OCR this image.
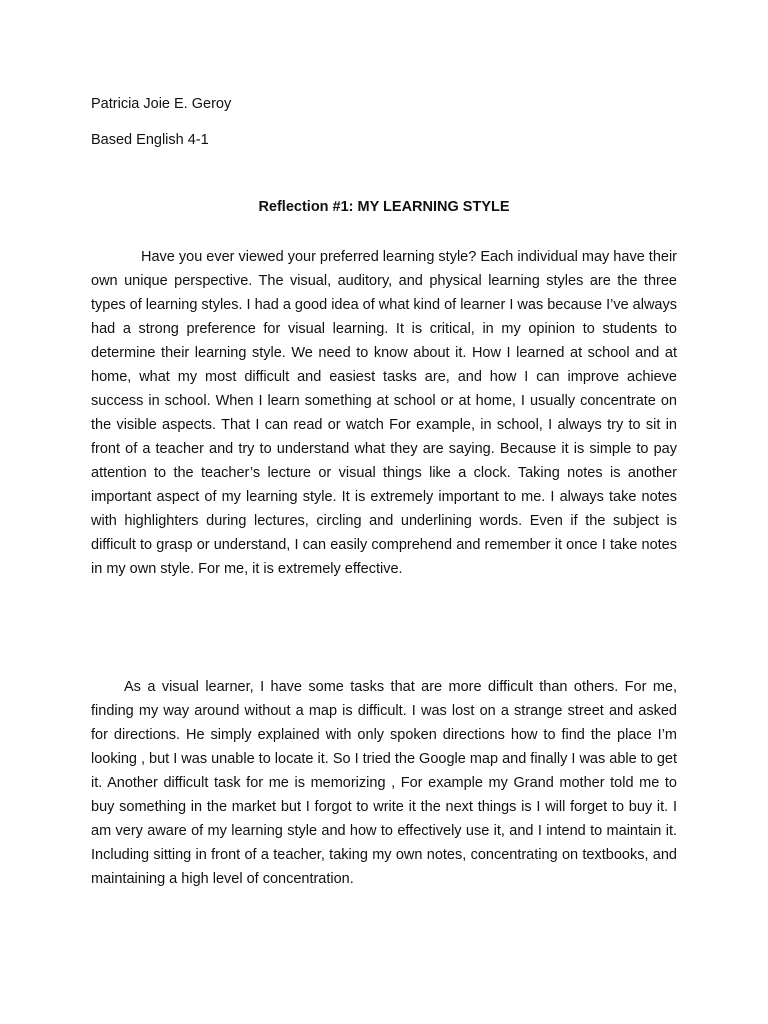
Patricia Joie E. Geroy
Based English 4-1
Reflection #1: MY LEARNING STYLE

Have you ever viewed your preferred learning style? Each individual may have their own unique perspective. The visual, auditory, and physical learning styles are the three types of learning styles. I had a good idea of what kind of learner I was because I’ve always had a strong preference for visual learning. It is critical, in my opinion to students to determine their learning style. We need to know about it. How I learned at school and at home, what my most difficult and easiest tasks are, and how I can improve achieve success in school. When I learn something at school or at home, I usually concentrate on the visible aspects. That I can read or watch For example, in school, I always try to sit in front of a teacher and try to understand what they are saying. Because it is simple to pay attention to the teacher’s lecture or visual things like a clock. Taking notes is another important aspect of my learning style. It is extremely important to me. I always take notes with highlighters during lectures, circling and underlining words. Even if the subject is difficult to grasp or understand, I can easily comprehend and remember it once I take notes in my own style. For me, it is extremely effective.

As a visual learner, I have some tasks that are more difficult than others. For me, finding my way around without a map is difficult. I was lost on a strange street and asked for directions. He simply explained with only spoken directions how to find the place I’m looking , but I was unable to locate it. So I tried the Google map and finally I was able to get it. Another difficult task for me is memorizing , For example my Grand mother told me to buy something in the market but I forgot to write it the next things is I will forget to buy it. I am very aware of my learning style and how to effectively use it, and I intend to maintain it. Including sitting in front of a teacher, taking my own notes, concentrating on textbooks, and maintaining a high level of concentration.
